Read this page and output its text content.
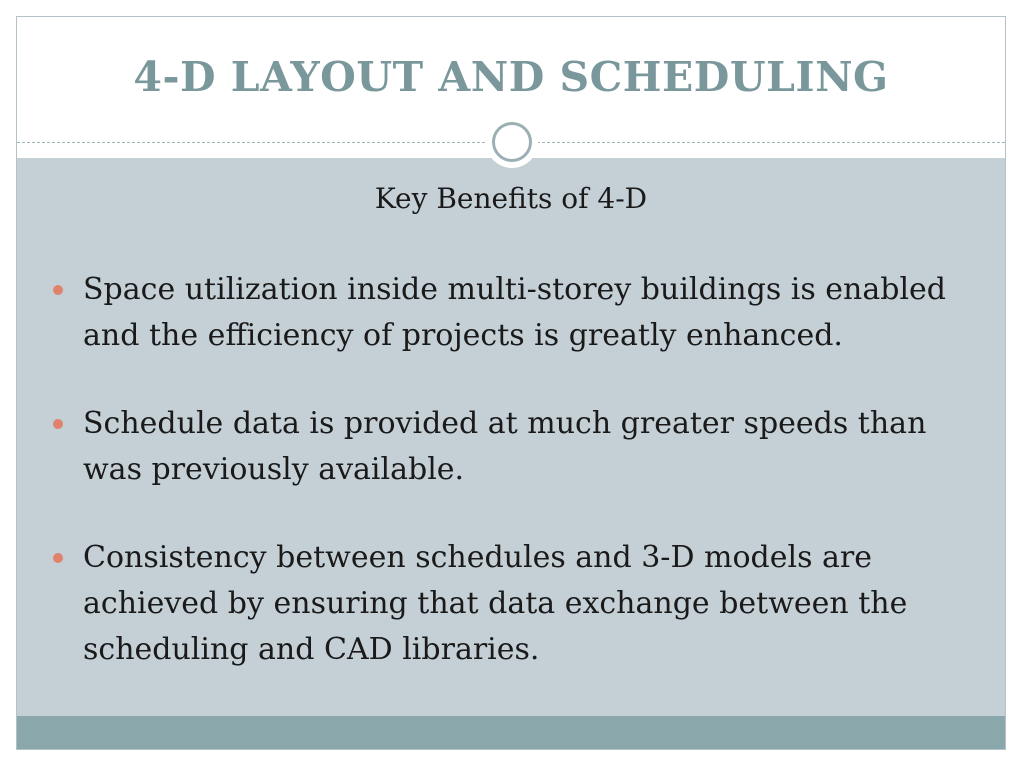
4-D LAYOUT AND SCHEDULING
Key Benefits of 4-D
Space utilization inside multi-storey buildings is enabled and the efficiency of projects is greatly enhanced.
Schedule data is provided at much greater speeds than was previously available.
Consistency between schedules and 3-D models are achieved by ensuring that data exchange between the scheduling and CAD libraries.
